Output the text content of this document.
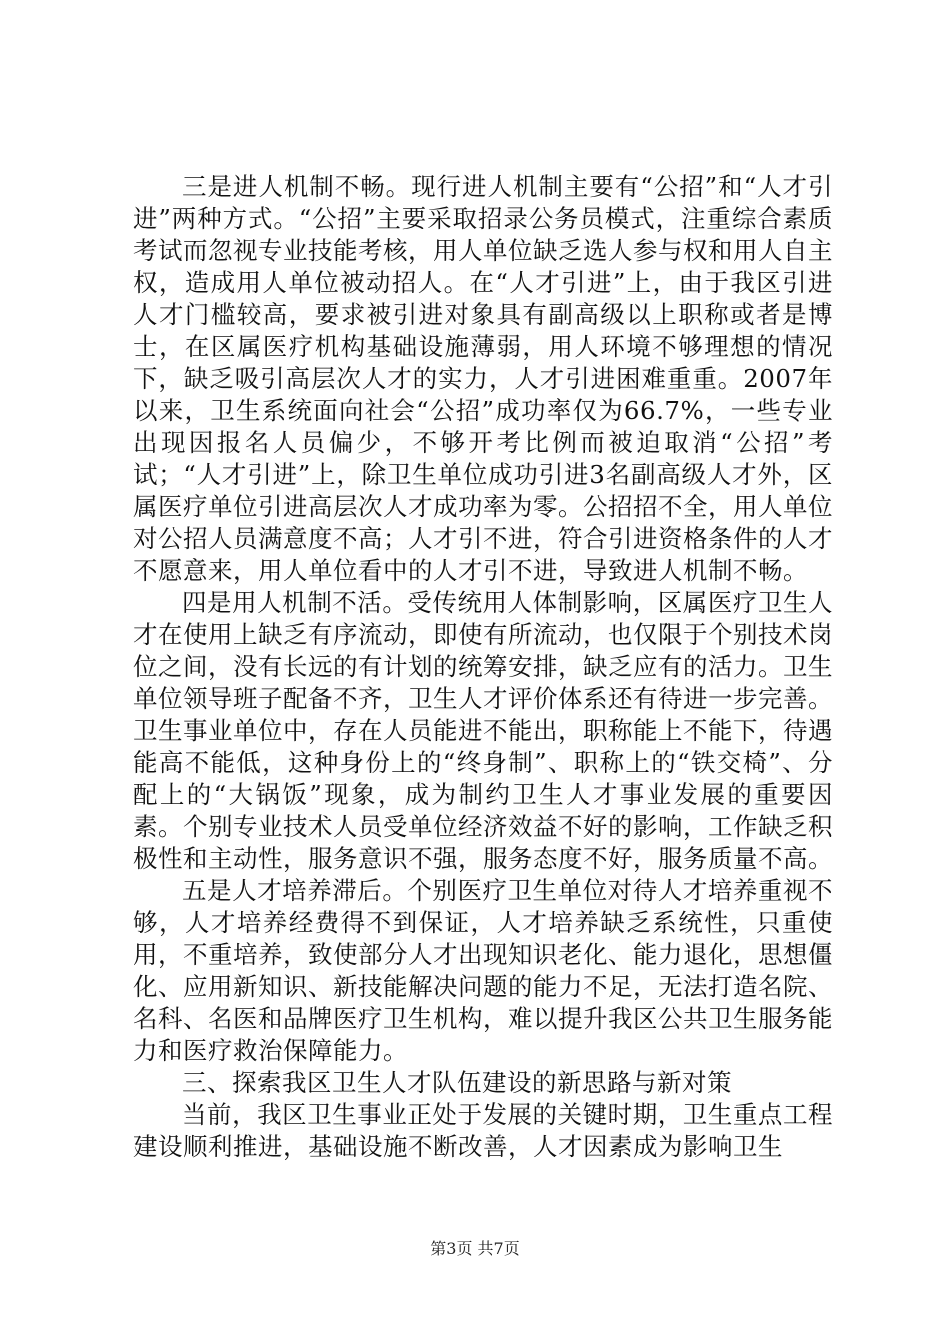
三是进人机制不畅。现行进人机制主要有“公招”和“人才引进”两种方式。“公招”主要采取招录公务员模式，注重综合素质考试而忽视专业技能考核，用人单位缺乏选人参与权和用人自主权，造成用人单位被动招人。在“人才引进”上，由于我区引进人才门槛较高，要求被引进对象具有副高级以上职称或者是博士，在区属医疗机构基础设施薄弱，用人环境不够理想的情况下，缺乏吸引高层次人才的实力，人才引进困难重重。2007年以来，卫生系统面向社会“公招”成功率仅为66.7%，一些专业出现因报名人员偏少，不够开考比例而被迫取消“公招”考试；“人才引进”上，除卫生单位成功引进3名副高级人才外，区属医疗单位引进高层次人才成功率为零。公招招不全，用人单位对公招人员满意度不高；人才引不进，符合引进资格条件的人才不愿意来，用人单位看中的人才引不进，导致进人机制不畅。

四是用人机制不活。受传统用人体制影响，区属医疗卫生人才在使用上缺乏有序流动，即使有所流动，也仅限于个别技术岗位之间，没有长远的有计划的统筹安排，缺乏应有的活力。卫生单位领导班子配备不齐，卫生人才评价体系还有待进一步完善。卫生事业单位中，存在人员能进不能出，职称能上不能下，待遇能高不能低，这种身份上的“终身制”、职称上的“铁交椅”、分配上的“大锅饭”现象，成为制约卫生人才事业发展的重要因素。个别专业技术人员受单位经济效益不好的影响，工作缺乏积极性和主动性，服务意识不强，服务态度不好，服务质量不高。

五是人才培养滞后。个别医疗卫生单位对待人才培养重视不够，人才培养经费得不到保证，人才培养缺乏系统性，只重使用，不重培养，致使部分人才出现知识老化、能力退化，思想僵化、应用新知识、新技能解决问题的能力不足，无法打造名院、名科、名医和品牌医疗卫生机构，难以提升我区公共卫生服务能力和医疗救治保障能力。

三、探索我区卫生人才队伍建设的新思路与新对策

当前，我区卫生事业正处于发展的关键时期，卫生重点工程建设顺利推进，基础设施不断改善，人才因素成为影响卫生

第3页 共7页
